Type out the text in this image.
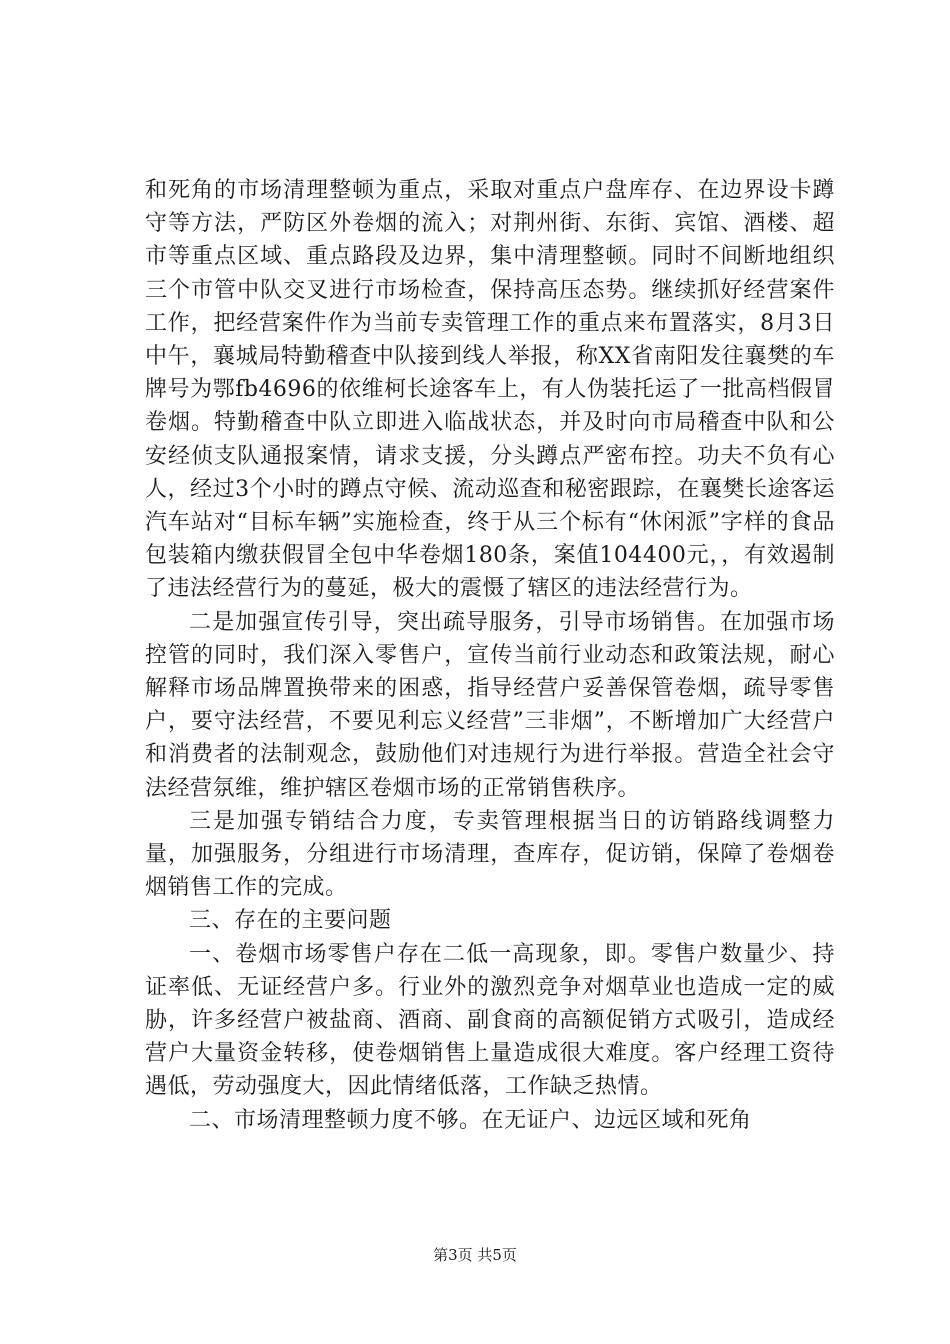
和死角的市场清理整顿为重点，采取对重点户盘库存、在边界设卡蹲守等方法，严防区外卷烟的流入；对荆州街、东街、宾馆、酒楼、超市等重点区域、重点路段及边界，集中清理整顿。同时不间断地组织三个市管中队交叉进行市场检查，保持高压态势。继续抓好经营案件工作，把经营案件作为当前专卖管理工作的重点来布置落实，8月3日中午，襄城局特勤稽查中队接到线人举报，称XX省南阳发往襄樊的车牌号为鄂fb4696的依维柯长途客车上，有人伪装托运了一批高档假冒卷烟。特勤稽查中队立即进入临战状态，并及时向市局稽查中队和公安经侦支队通报案情，请求支援，分头蹲点严密布控。功夫不负有心人，经过3个小时的蹲点守候、流动巡查和秘密跟踪，在襄樊长途客运汽车站对“目标车辆”实施检查，终于从三个标有“休闲派”字样的食品包装箱内缴获假冒全包中华卷烟180条，案值104400元，，有效遏制了违法经营行为的蔓延，极大的震慑了辖区的违法经营行为。

二是加强宣传引导，突出疏导服务，引导市场销售。在加强市场控管的同时，我们深入零售户，宣传当前行业动态和政策法规，耐心解释市场品牌置换带来的困惑，指导经营户妥善保管卷烟，疏导零售户，要守法经营，不要见利忘义经营”三非烟”，不断增加广大经营户和消费者的法制观念，鼓励他们对违规行为进行举报。营造全社会守法经营氛维，维护辖区卷烟市场的正常销售秩序。

三是加强专销结合力度，专卖管理根据当日的访销路线调整力量，加强服务，分组进行市场清理，查库存，促访销，保障了卷烟卷烟销售工作的完成。

三、存在的主要问题

一、卷烟市场零售户存在二低一高现象，即。零售户数量少、持证率低、无证经营户多。行业外的激烈竞争对烟草业也造成一定的威胁，许多经营户被盐商、酒商、副食商的高额促销方式吸引，造成经营户大量资金转移，使卷烟销售上量造成很大难度。客户经理工资待遇低，劳动强度大，因此情绪低落，工作缺乏热情。

二、市场清理整顿力度不够。在无证户、边远区域和死角

第3页 共5页
